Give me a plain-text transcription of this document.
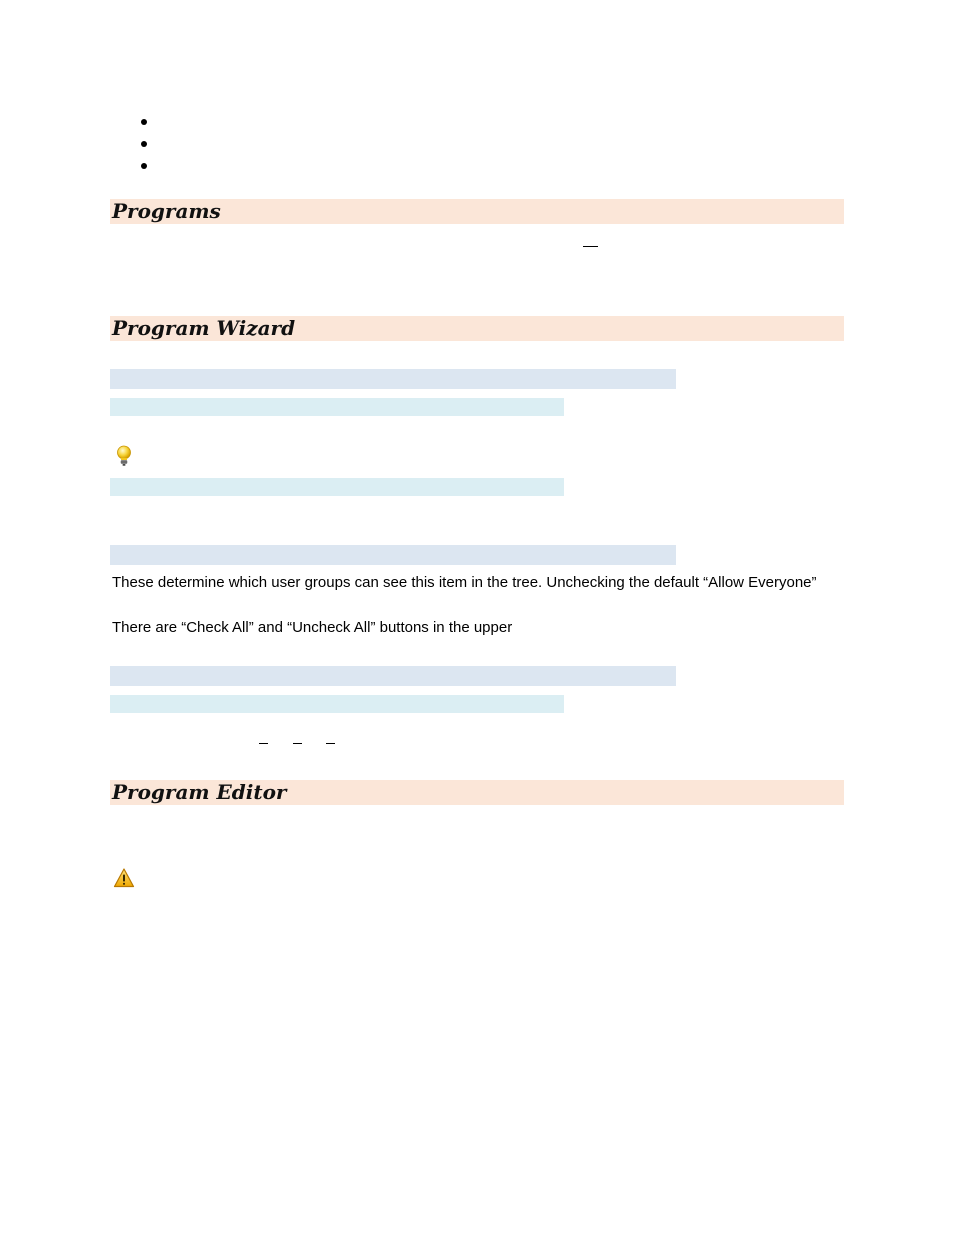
Programs
Program Wizard
These determine which user groups can see this item in the tree. Unchecking the default “Allow Everyone”
There are “Check All” and “Uncheck All” buttons in the upper
Program Editor
